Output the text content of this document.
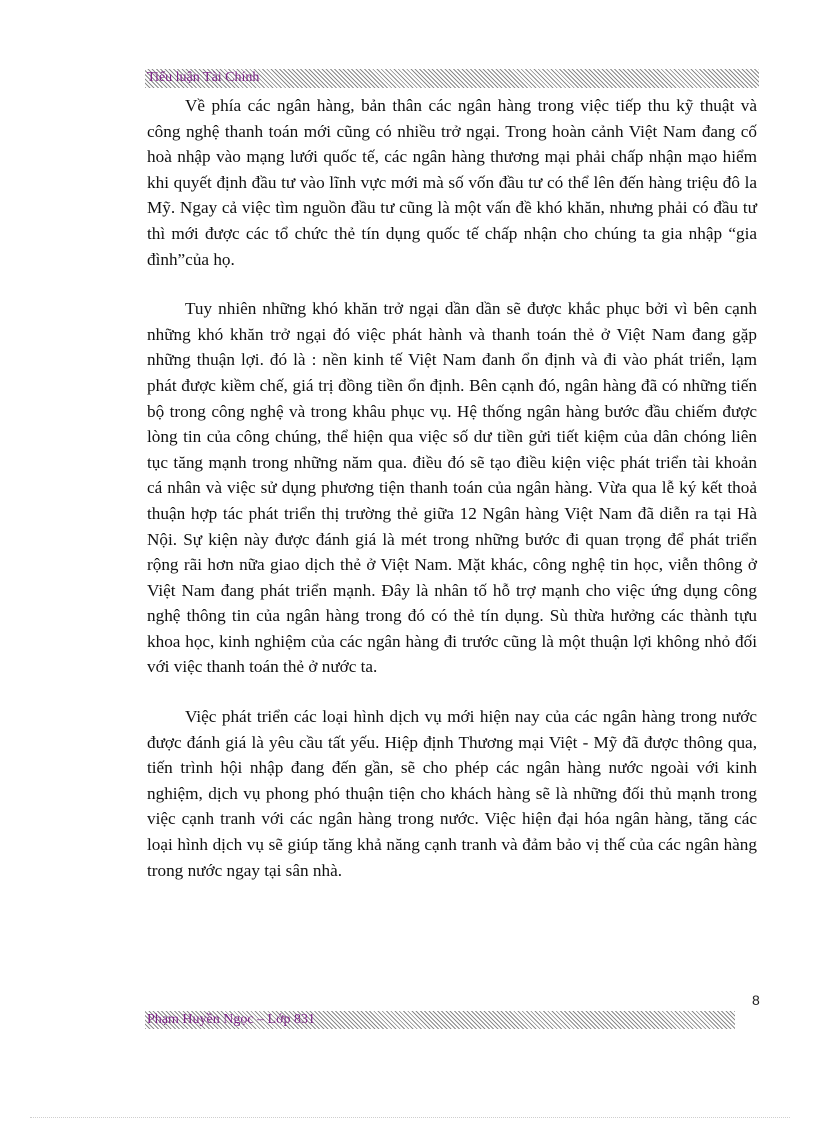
Tiểu luận Tài Chính

Về phía các ngân hàng, bản thân các ngân hàng trong việc tiếp thu kỹ thuật và công nghệ thanh toán mới cũng có nhiều trở ngại. Trong hoàn cảnh Việt Nam đang cố hoà nhập vào mạng lưới quốc tế, các ngân hàng thương mại phải chấp nhận mạo hiểm khi quyết định đầu tư vào lĩnh vực mới mà số vốn đầu tư có thể lên đến hàng triệu đô la Mỹ. Ngay cả việc tìm nguồn đầu tư cũng là một vấn đề khó khăn, nhưng phải có đầu tư thì mới được các tổ chức thẻ tín dụng quốc tế chấp nhận cho chúng ta gia nhập “gia đình”của họ.

Tuy nhiên những khó khăn trở ngại dần dần sẽ được khắc phục bởi vì bên cạnh những khó khăn trở ngại đó việc phát hành và thanh toán thẻ ở Việt Nam đang gặp những thuận lợi. đó là : nền kinh tế Việt Nam đanh ổn định và đi vào phát triển, lạm phát được kiềm chế, giá trị đồng tiền ổn định. Bên cạnh đó, ngân hàng đã có những tiến bộ trong công nghệ và trong khâu phục vụ. Hệ thống ngân hàng bước đầu chiếm được lòng tin của công chúng, thể hiện qua việc số dư tiền gửi tiết kiệm của dân chóng liên tục tăng mạnh trong những năm qua. điều đó sẽ tạo điều kiện việc phát triển tài khoản cá nhân và việc sử dụng phương tiện thanh toán của ngân hàng. Vừa qua lễ ký kết thoả thuận hợp tác phát triển thị trường thẻ giữa 12 Ngân hàng Việt Nam đã diễn ra tại Hà Nội. Sự kiện này được đánh giá là mét trong những bước đi quan trọng để phát triển rộng rãi hơn nữa giao dịch thẻ ở Việt Nam. Mặt khác, công nghệ tin học, viễn thông ở Việt Nam đang phát triển mạnh. Đây là nhân tố hỗ trợ mạnh cho việc ứng dụng công nghệ thông tin của ngân hàng trong đó có thẻ tín dụng. Sù thừa hưởng các thành tựu khoa học, kinh nghiệm của các ngân hàng đi trước cũng là một thuận lợi không nhỏ đối với việc thanh toán thẻ ở nước ta.

Việc phát triển các loại hình dịch vụ mới hiện nay của các ngân hàng trong nước được đánh giá là yêu cầu tất yếu. Hiệp định Thương mại Việt - Mỹ đã được thông qua, tiến trình hội nhập đang đến gần, sẽ cho phép các ngân hàng nước ngoài với kinh nghiệm, dịch vụ phong phó thuận tiện cho khách hàng sẽ là những đối thủ mạnh trong việc cạnh tranh với các ngân hàng trong nước. Việc hiện đại hóa ngân hàng, tăng các loại hình dịch vụ sẽ giúp tăng khả năng cạnh tranh và đảm bảo vị thế của các ngân hàng trong nước ngay tại sân nhà.

8
Phạm Huyền Ngọc – Lớp 831
